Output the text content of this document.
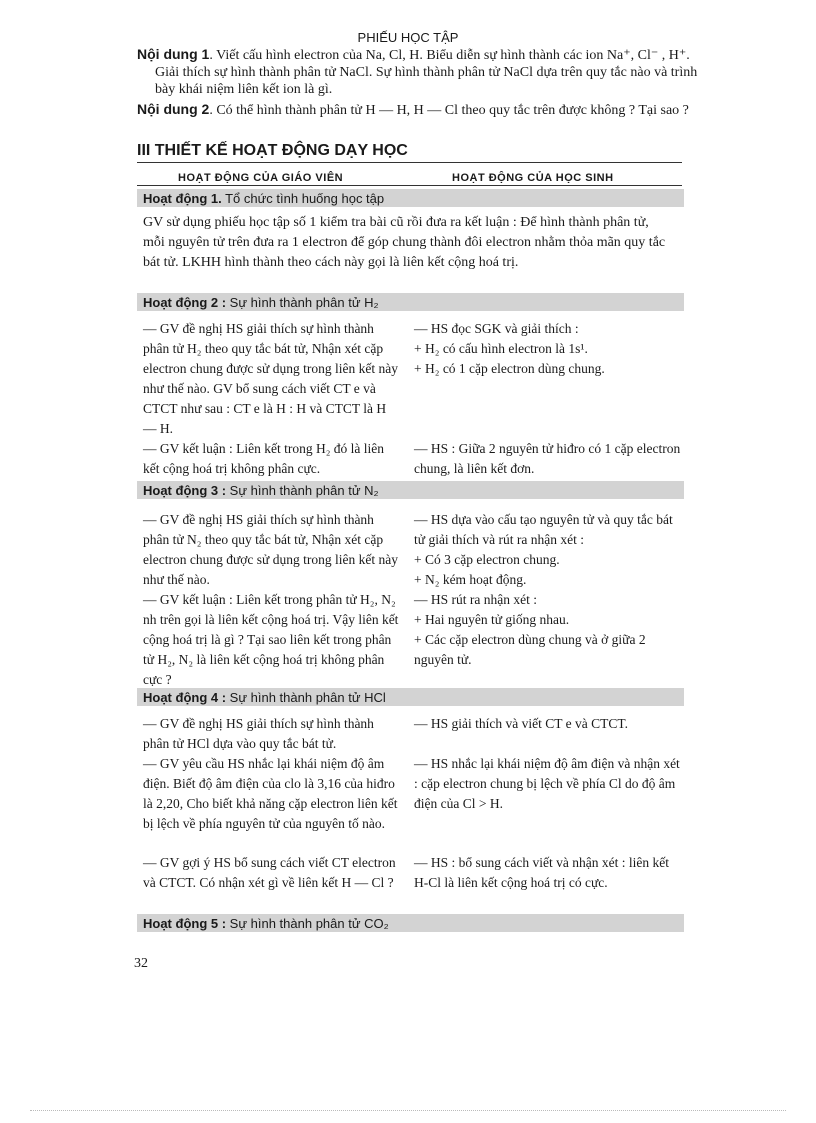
PHIẾU HỌC TẬP
Nội dung 1. Viết cấu hình electron của Na, Cl, H. Biểu diễn sự hình thành các ion Na⁺, Cl⁻ , H⁺. Giải thích sự hình thành phân tử NaCl. Sự hình thành phân tử NaCl dựa trên quy tắc nào và trình bày khái niệm liên kết ion là gì.
Nội dung 2. Có thể hình thành phân tử H — H, H — Cl theo quy tắc trên được không ? Tại sao ?
III THIẾT KẾ HOẠT ĐỘNG DẠY HỌC
HOẠT ĐỘNG CỦA GIÁO VIÊN	HOẠT ĐỘNG CỦA HỌC SINH
Hoạt động 1. Tổ chức tình huống học tập
GV sử dụng phiếu học tập số 1 kiểm tra bài cũ rồi đưa ra kết luận : Để hình thành phân tử, mỗi nguyên tử trên đưa ra 1 electron để góp chung thành đôi electron nhằm thỏa mãn quy tắc bát tử. LKHH hình thành theo cách này gọi là liên kết cộng hoá trị.
Hoạt động 2 : Sự hình thành phân tử H₂
— GV đề nghị HS giải thích sự hình thành phân tử H₂ theo quy tắc bát tử, Nhận xét cặp electron chung được sử dụng trong liên kết này như thế nào. GV bổ sung cách viết CT e và CTCT như sau : CT e là H : H và CTCT là H — H.
— HS đọc SGK và giải thích :
+ H₂ có cấu hình electron là 1s¹.
+ H₂ có 1 cặp electron dùng chung.
— GV kết luận : Liên kết trong H₂ đó là liên kết cộng hoá trị không phân cực.
— HS : Giữa 2 nguyên tử hiđro có 1 cặp electron chung, là liên kết đơn.
Hoạt động 3 : Sự hình thành phân tử N₂
— GV đề nghị HS giải thích sự hình thành phân tử N₂ theo quy tắc bát tử, Nhận xét cặp electron chung được sử dụng trong liên kết này như thế nào.
— HS dựa vào cấu tạo nguyên tử và quy tắc bát tử giải thích và rút ra nhận xét :
+ Có 3 cặp electron chung.
+ N₂ kém hoạt động.
— GV kết luận : Liên kết trong phân tử H₂, N₂ nh trên gọi là liên kết cộng hoá trị. Vậy liên kết cộng hoá trị là gì ? Tại sao liên kết trong phân tử H₂, N₂ là liên kết cộng hoá trị không phân cực ?
— HS rút ra nhận xét :
+ Hai nguyên tử giống nhau.
+ Các cặp electron dùng chung và ở giữa 2 nguyên tử.
Hoạt động 4 : Sự hình thành phân tử HCl
— GV đề nghị HS giải thích sự hình thành phân tử HCl dựa vào quy tắc bát tử.
— HS giải thích và viết CT e và CTCT.
— GV yêu cầu HS nhắc lại khái niệm độ âm điện. Biết độ âm điện của clo là 3,16 của hiđro là 2,20, Cho biết khả năng cặp electron liên kết bị lệch về phía nguyên tử của nguyên tố nào.
— HS nhắc lại khái niệm độ âm điện và nhận xét : cặp electron chung bị lệch về phía Cl do độ âm điện của Cl > H.
— GV gợi ý HS bổ sung cách viết CT electron và CTCT. Có nhận xét gì về liên kết H — Cl ?
— HS : bổ sung cách viết và nhận xét : liên kết H-Cl là liên kết cộng hoá trị có cực.
Hoạt động 5 : Sự hình thành phân tử CO₂
32
